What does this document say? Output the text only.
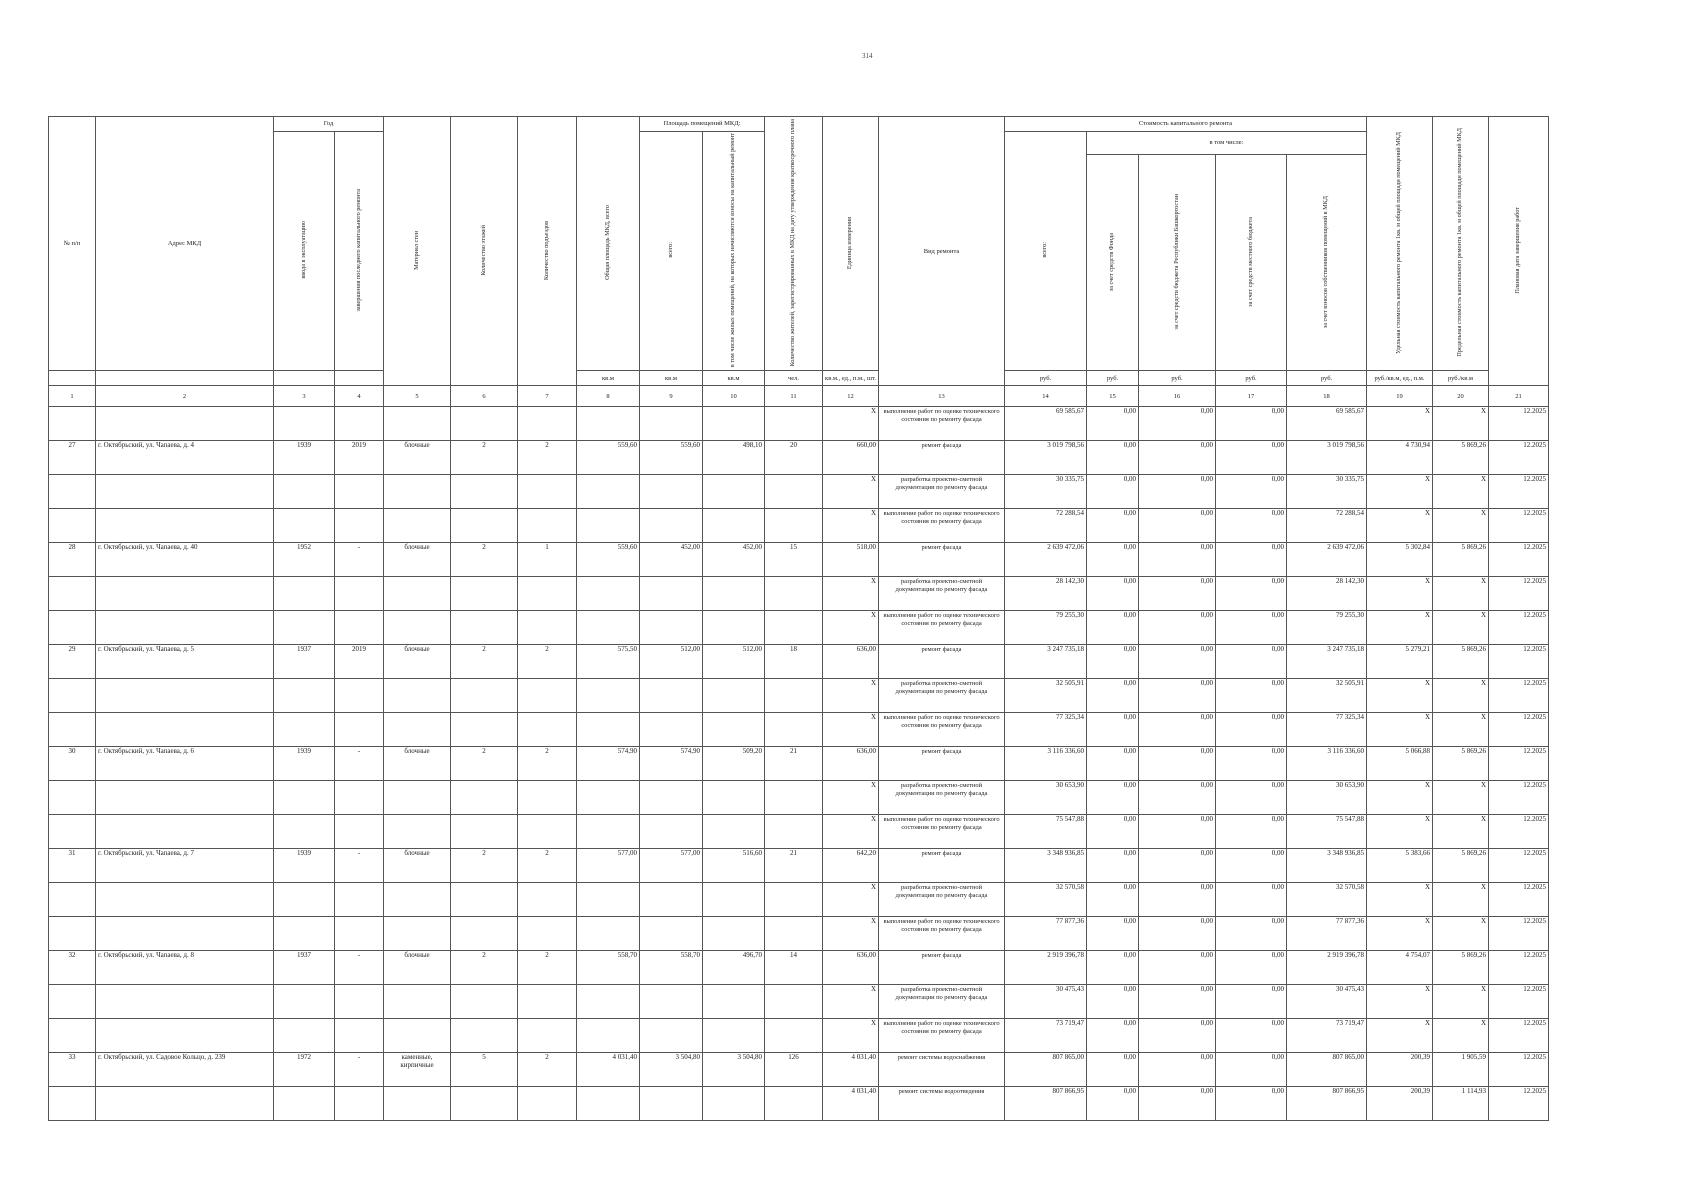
314
№ п/п	Адрес МКД	Год		Материал стен	Количество этажей	Количество подъездов	Общая площадь МКД, всего	Площадь помещений МКД:		Количество жителей, зарегистрированных в МКД на дату утверждения краткосрочного плана	Единица измерения	Вид ремонта	Стоимость капитального ремонта					Удельная стоимость капитального ремонта 1кв. м общей площади помещений МКД	Предельная стоимость капитального ремонта 1кв. м общей площади помещений МКД	Плановая дата завершения работ
		ввода в эксплуатацию	завершения последнего капитального ремонта					всего:	в том числе жилых помещений, на которых начисляются взносы на капитальный ремонт				всего:	в том числе:						
														за счет средств Фонда	за счет средств бюджета Республики Башкортостан	за счет средств местного бюджета	за счет взносов собственников помещений в МКД			
							кв.м	кв.м	кв.м	чел.	кв.м., ед., п.м., шт.		руб.	руб.	руб.	руб.	руб.	руб./кв.м, ед., п.м.	руб./кв.м	
1	2	3	4	5	6	7	8	9	10	11	12	13	14	15	16	17	18	19	20	21
											X	выполнение работ по оценке технического состояния по ремонту фасада	69 585,67	0,00	0,00	0,00	69 585,67	X	X	12.2025
27	г. Октябрьский, ул. Чапаева, д. 4	1939	2019	блочные	2	2	559,60	559,60	498,10	20	660,00	ремонт фасада	3 019 798,56	0,00	0,00	0,00	3 019 798,56	4 730,94	5 869,26	12.2025
											X	разработка проектно-сметной документации по ремонту фасада	30 335,75	0,00	0,00	0,00	30 335,75	X	X	12.2025
											X	выполнение работ по оценке технического состояния по ремонту фасада	72 288,54	0,00	0,00	0,00	72 288,54	X	X	12.2025
28	г. Октябрьский, ул. Чапаева, д. 40	1952	-	блочные	2	1	559,60	452,00	452,00	15	518,00	ремонт фасада	2 639 472,06	0,00	0,00	0,00	2 639 472,06	5 302,84	5 869,26	12.2025
											X	разработка проектно-сметной документации по ремонту фасада	28 142,30	0,00	0,00	0,00	28 142,30	X	X	12.2025
											X	выполнение работ по оценке технического состояния по ремонту фасада	79 255,30	0,00	0,00	0,00	79 255,30	X	X	12.2025
29	г. Октябрьский, ул. Чапаева, д. 5	1937	2019	блочные	2	2	575,50	512,00	512,00	18	636,00	ремонт фасада	3 247 735,18	0,00	0,00	0,00	3 247 735,18	5 279,21	5 869,26	12.2025
											X	разработка проектно-сметной документации по ремонту фасада	32 505,91	0,00	0,00	0,00	32 505,91	X	X	12.2025
											X	выполнение работ по оценке технического состояния по ремонту фасада	77 325,34	0,00	0,00	0,00	77 325,34	X	X	12.2025
30	г. Октябрьский, ул. Чапаева, д. 6	1939	-	блочные	2	2	574,90	574,90	509,20	21	636,00	ремонт фасада	3 116 336,60	0,00	0,00	0,00	3 116 336,60	5 066,88	5 869,26	12.2025
											X	разработка проектно-сметной документации по ремонту фасада	30 653,90	0,00	0,00	0,00	30 653,90	X	X	12.2025
											X	выполнение работ по оценке технического состояния по ремонту фасада	75 547,88	0,00	0,00	0,00	75 547,88	X	X	12.2025
31	г. Октябрьский, ул. Чапаева, д. 7	1939	-	блочные	2	2	577,00	577,00	516,60	21	642,20	ремонт фасада	3 348 936,85	0,00	0,00	0,00	3 348 936,85	5 383,66	5 869,26	12.2025
											X	разработка проектно-сметной документации по ремонту фасада	32 570,58	0,00	0,00	0,00	32 570,58	X	X	12.2025
											X	выполнение работ по оценке технического состояния по ремонту фасада	77 877,36	0,00	0,00	0,00	77 877,36	X	X	12.2025
32	г. Октябрьский, ул. Чапаева, д. 8	1937	-	блочные	2	2	558,70	558,70	496,70	14	636,00	ремонт фасада	2 919 396,78	0,00	0,00	0,00	2 919 396,78	4 754,07	5 869,26	12.2025
											X	разработка проектно-сметной документации по ремонту фасада	30 475,43	0,00	0,00	0,00	30 475,43	X	X	12.2025
											X	выполнение работ по оценке технического состояния по ремонту фасада	73 719,47	0,00	0,00	0,00	73 719,47	X	X	12.2025
33	г. Октябрьский, ул. Садовое Кольцо, д. 239	1972	-	каменные, кирпичные	5	2	4 031,40	3 504,80	3 504,80	126	4 031,40	ремонт системы водоснабжения	807 865,00	0,00	0,00	0,00	807 865,00	200,39	1 905,59	12.2025
											4 031,40	ремонт системы водоотведения	807 866,95	0,00	0,00	0,00	807 866,95	200,39	1 114,93	12.2025
